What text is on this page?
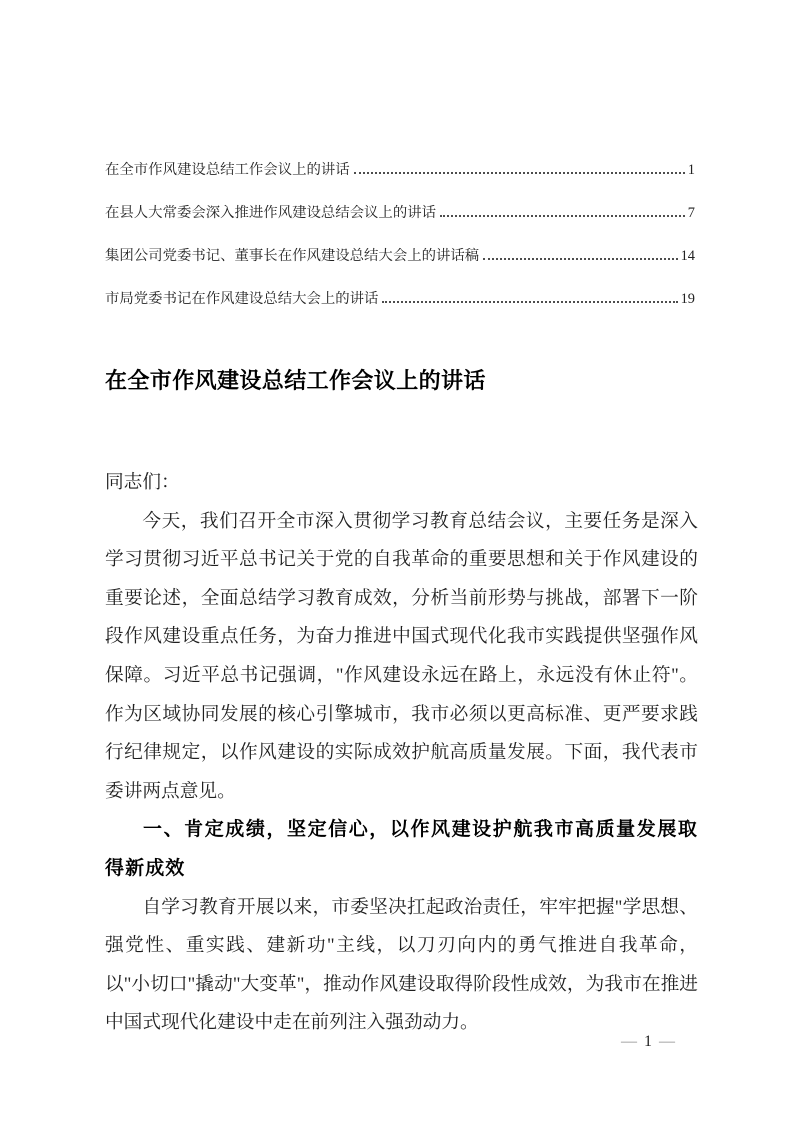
在全市作风建设总结工作会议上的讲话	1
在县人大常委会深入推进作风建设总结会议上的讲话	7
集团公司党委书记、董事长在作风建设总结大会上的讲话稿	14
市局党委书记在作风建设总结大会上的讲话	19
在全市作风建设总结工作会议上的讲话

同志们：

今天，我们召开全市深入贯彻学习教育总结会议，主要任务是深入学习贯彻习近平总书记关于党的自我革命的重要思想和关于作风建设的重要论述，全面总结学习教育成效，分析当前形势与挑战，部署下一阶段作风建设重点任务，为奋力推进中国式现代化我市实践提供坚强作风保障。习近平总书记强调，"作风建设永远在路上，永远没有休止符"。作为区域协同发展的核心引擎城市，我市必须以更高标准、更严要求践行纪律规定，以作风建设的实际成效护航高质量发展。下面，我代表市委讲两点意见。

一、肯定成绩，坚定信心，以作风建设护航我市高质量发展取得新成效

自学习教育开展以来，市委坚决扛起政治责任，牢牢把握"学思想、强党性、重实践、建新功"主线，以刀刃向内的勇气推进自我革命，以"小切口"撬动"大变革"，推动作风建设取得阶段性成效，为我市在推进中国式现代化建设中走在前列注入强劲动力。

— 1 —
